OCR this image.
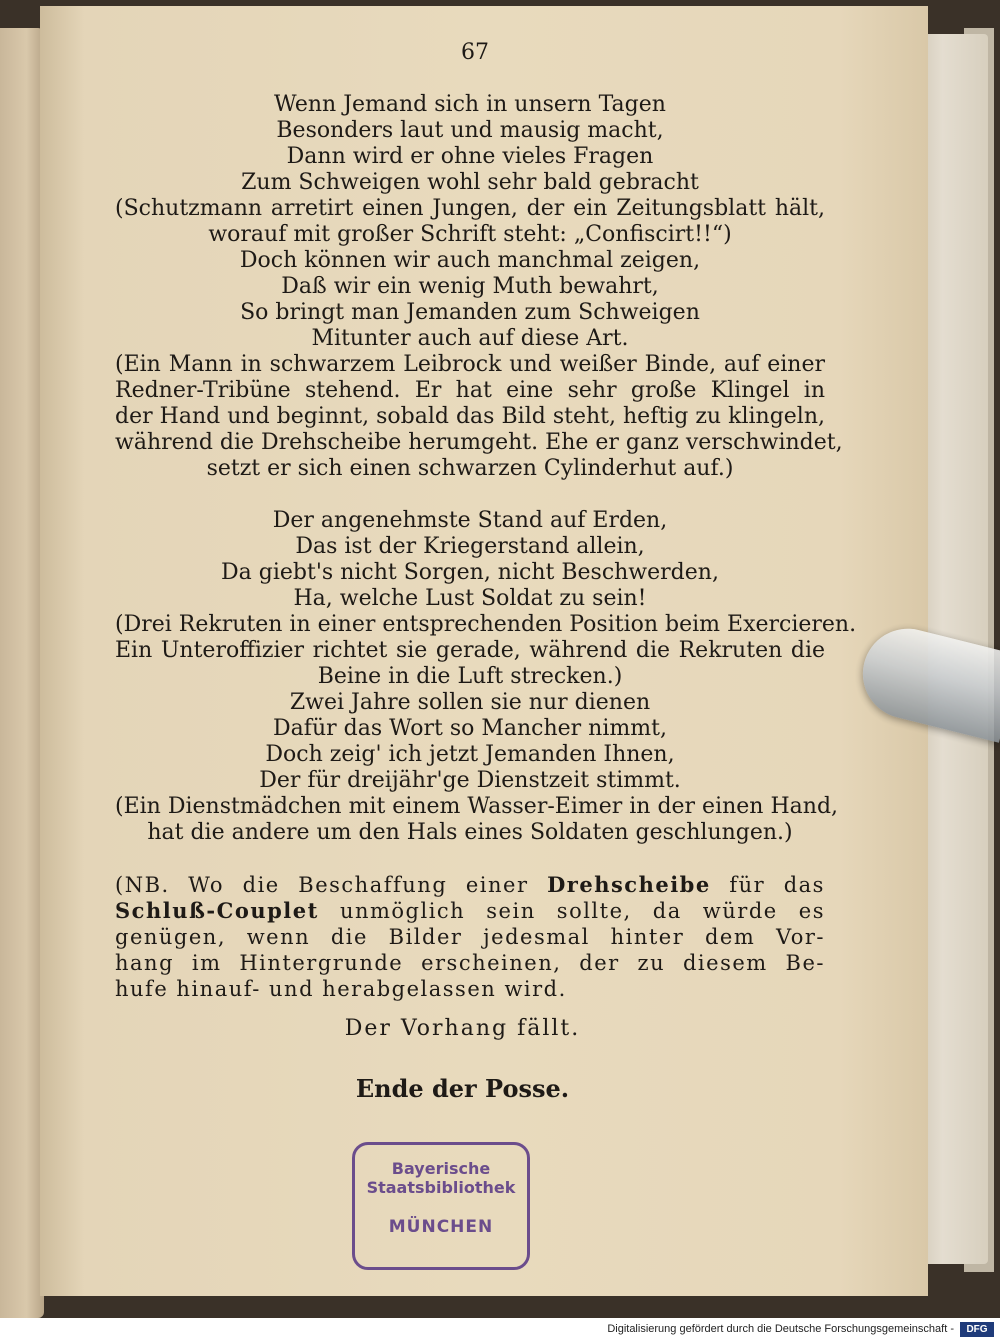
67
Wenn Jemand sich in unsern Tagen
Besonders laut und mausig macht,
Dann wird er ohne vieles Fragen
Zum Schweigen wohl sehr bald gebracht
(Schutzmann arretirt einen Jungen, der ein Zeitungsblatt hält,
worauf mit großer Schrift steht: „Confiscirt!!“)
Doch können wir auch manchmal zeigen,
Daß wir ein wenig Muth bewahrt,
So bringt man Jemanden zum Schweigen
Mitunter auch auf diese Art.
(Ein Mann in schwarzem Leibrock und weißer Binde, auf einer
Redner-Tribüne stehend. Er hat eine sehr große Klingel in
der Hand und beginnt, sobald das Bild steht, heftig zu klingeln,
während die Drehscheibe herumgeht. Ehe er ganz verschwindet,
setzt er sich einen schwarzen Cylinderhut auf.)
Der angenehmste Stand auf Erden,
Das ist der Kriegerstand allein,
Da giebt's nicht Sorgen, nicht Beschwerden,
Ha, welche Lust Soldat zu sein!
(Drei Rekruten in einer entsprechenden Position beim Exercieren.
Ein Unteroffizier richtet sie gerade, während die Rekruten die
Beine in die Luft strecken.)
Zwei Jahre sollen sie nur dienen
Dafür das Wort so Mancher nimmt,
Doch zeig' ich jetzt Jemanden Ihnen,
Der für dreijähr'ge Dienstzeit stimmt.
(Ein Dienstmädchen mit einem Wasser-Eimer in der einen Hand,
hat die andere um den Hals eines Soldaten geschlungen.)
(NB. Wo die Beschaffung einer Drehscheibe für das
Schluß-Couplet unmöglich sein sollte, da würde es
genügen, wenn die Bilder jedesmal hinter dem Vor-
hang im Hintergrunde erscheinen, der zu diesem Be-
hufe hinauf- und herabgelassen wird.
Der Vorhang fällt.
Ende der Posse.
Bayerische
Staatsbibliothek
MÜNCHEN
Digitalisierung gefördert durch die Deutsche Forschungsgemeinschaft -	DFG
